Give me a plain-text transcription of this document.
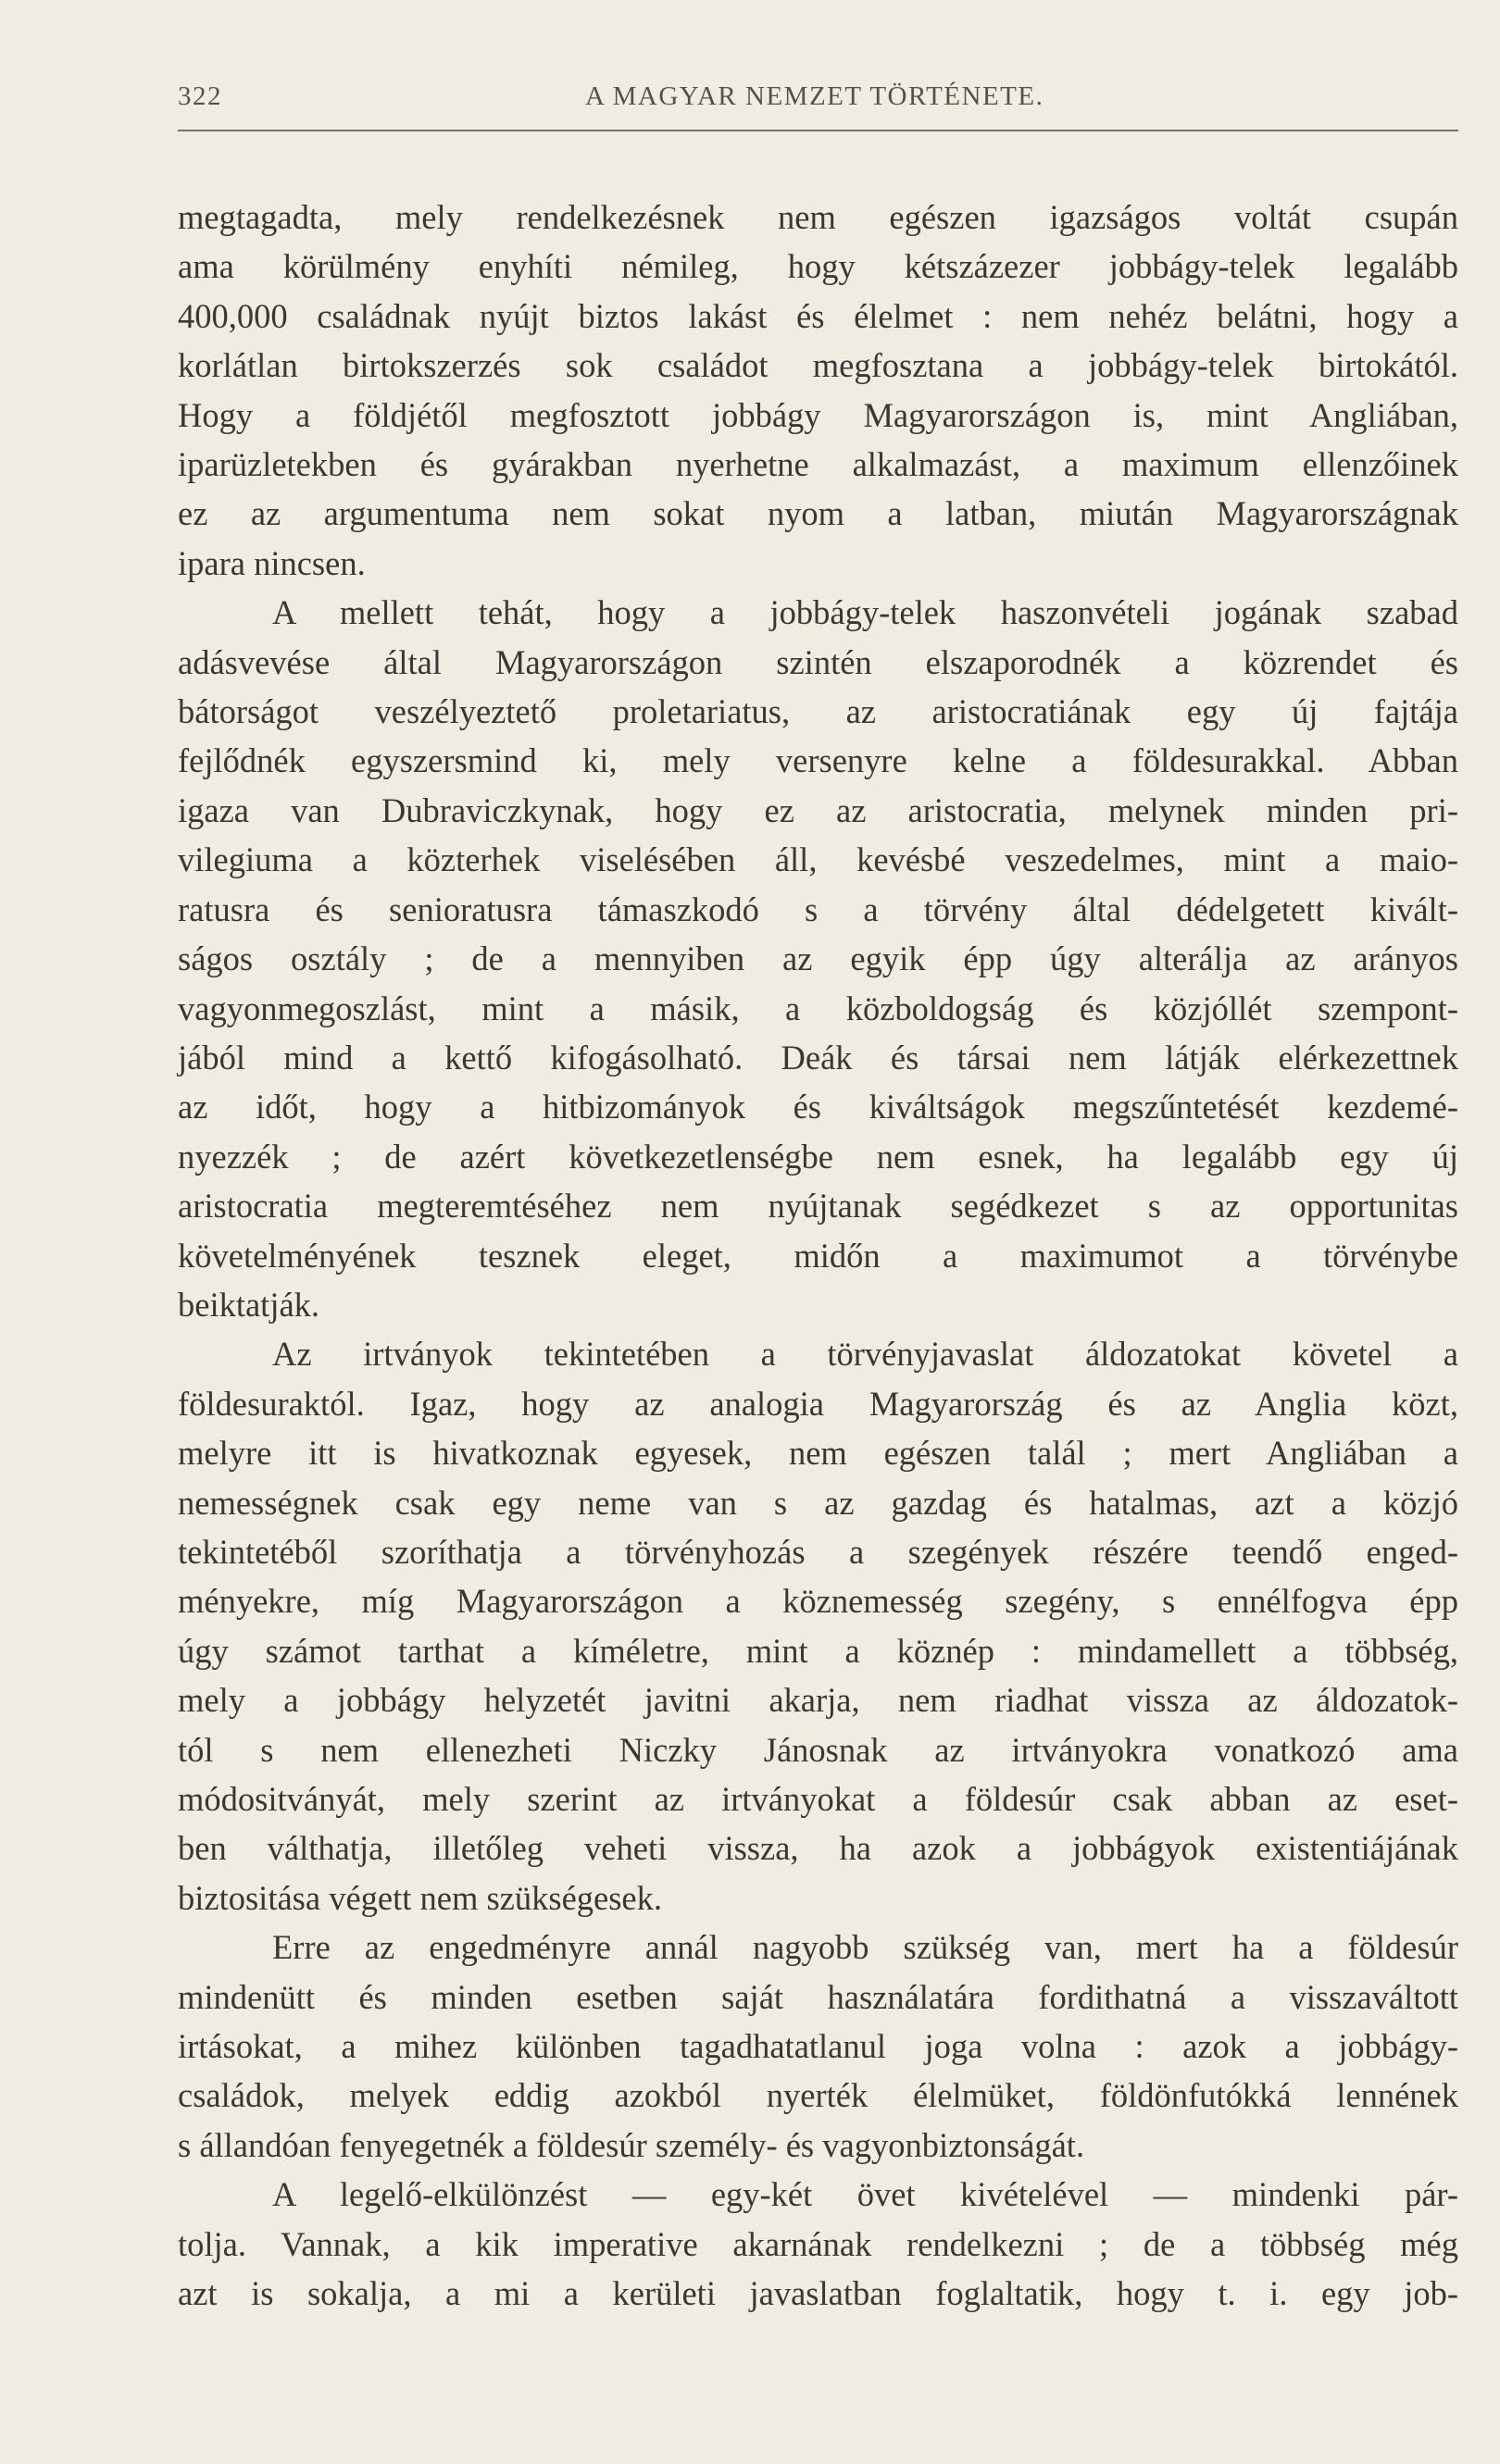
322	A MAGYAR NEMZET TÖRTÉNETE.

megtagadta, mely rendelkezésnek nem egészen igazságos voltát csupán
ama körülmény enyhíti némileg, hogy kétszázezer jobbágy-telek legalább
400,000 családnak nyújt biztos lakást és élelmet : nem nehéz belátni, hogy a
korlátlan birtokszerzés sok családot megfosztana a jobbágy-telek birtokától.
Hogy a földjétől megfosztott jobbágy Magyarországon is, mint Angliában,
iparüzletekben és gyárakban nyerhetne alkalmazást, a maximum ellenzőinek
ez az argumentuma nem sokat nyom a latban, miután Magyarországnak
ipara nincsen.

A mellett tehát, hogy a jobbágy-telek haszonvételi jogának szabad
adásvevése által Magyarországon szintén elszaporodnék a közrendet és
bátorságot veszélyeztető proletariatus, az aristocratiának egy új fajtája
fejlődnék egyszersmind ki, mely versenyre kelne a földesurakkal. Abban
igaza van Dubraviczkynak, hogy ez az aristocratia, melynek minden pri-
vilegiuma a közterhek viselésében áll, kevésbé veszedelmes, mint a maio-
ratusra és senioratusra támaszkodó s a törvény által dédelgetett kivált-
ságos osztály ; de a mennyiben az egyik épp úgy alterálja az arányos
vagyonmegoszlást, mint a másik, a közboldogság és közjóllét szempont-
jából mind a kettő kifogásolható. Deák és társai nem látják elérkezettnek
az időt, hogy a hitbizományok és kiváltságok megszűntetését kezdemé-
nyezzék ; de azért következetlenségbe nem esnek, ha legalább egy új
aristocratia megteremtéséhez nem nyújtanak segédkezet s az opportunitas
követelményének tesznek eleget, midőn a maximumot a törvénybe
beiktatják.

Az irtványok tekintetében a törvényjavaslat áldozatokat követel a
földesuraktól. Igaz, hogy az analogia Magyarország és az Anglia közt,
melyre itt is hivatkoznak egyesek, nem egészen talál ; mert Angliában a
nemességnek csak egy neme van s az gazdag és hatalmas, azt a közjó
tekintetéből szoríthatja a törvényhozás a szegények részére teendő enged-
ményekre, míg Magyarországon a köznemesség szegény, s ennélfogva épp
úgy számot tarthat a kíméletre, mint a köznép : mindamellett a többség,
mely a jobbágy helyzetét javitni akarja, nem riadhat vissza az áldozatok-
tól s nem ellenezheti Niczky Jánosnak az irtványokra vonatkozó ama
módositványát, mely szerint az irtványokat a földesúr csak abban az eset-
ben válthatja, illetőleg veheti vissza, ha azok a jobbágyok existentiájának
biztositása végett nem szükségesek.

Erre az engedményre annál nagyobb szükség van, mert ha a földesúr
mindenütt és minden esetben saját használatára fordithatná a visszaváltott
irtásokat, a mihez különben tagadhatatlanul joga volna : azok a jobbágy-
családok, melyek eddig azokból nyerték élelmüket, földönfutókká lennének
s állandóan fenyegetnék a földesúr személy- és vagyonbiztonságát.

A legelő-elkülönzést — egy-két övet kivételével — mindenki pár-
tolja. Vannak, a kik imperative akarnának rendelkezni ; de a többség még
azt is sokalja, a mi a kerületi javaslatban foglaltatik, hogy t. i. egy job-
